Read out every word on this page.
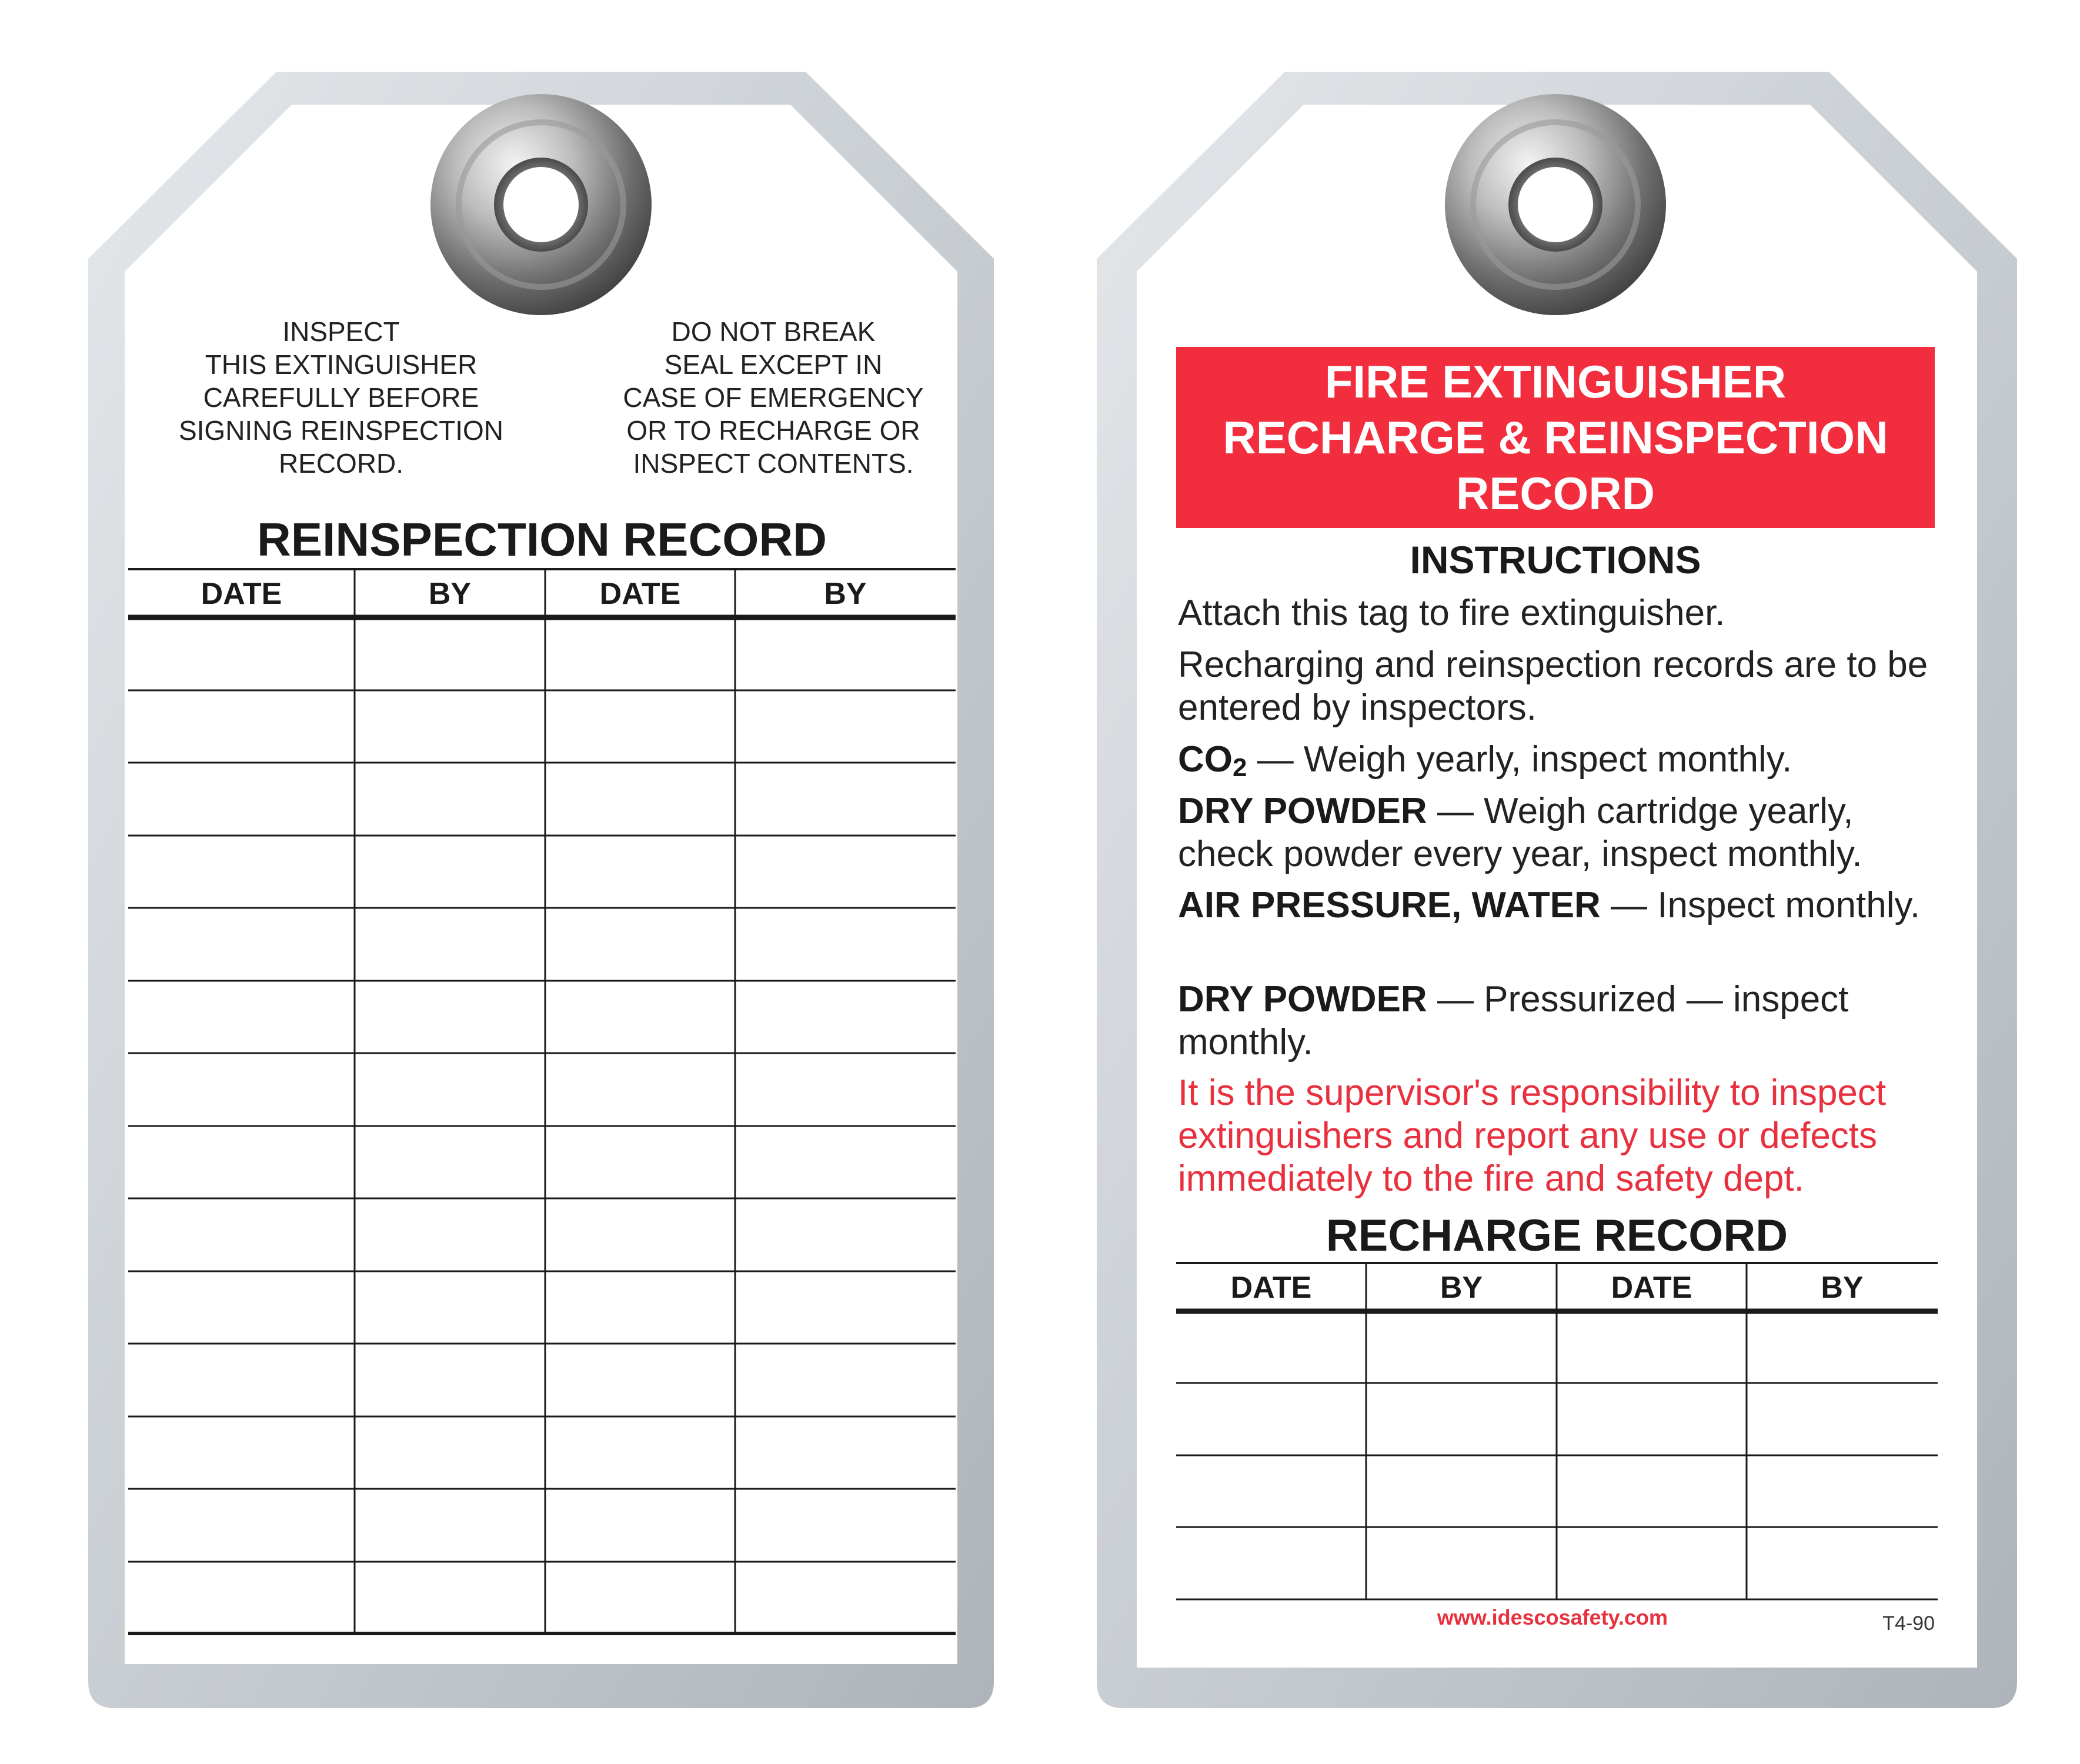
INSPECT
THIS EXTINGUISHER
CAREFULLY BEFORE
SIGNING REINSPECTION
RECORD.
DO NOT BREAK
SEAL EXCEPT IN
CASE OF EMERGENCY
OR TO RECHARGE OR
INSPECT CONTENTS.
REINSPECTION RECORD
DATE	BY	DATE	BY
FIRE EXTINGUISHER
RECHARGE & REINSPECTION
RECORD
INSTRUCTIONS
Attach this tag to fire extinguisher.
Recharging and reinspection records are to be entered by inspectors.
CO2 — Weigh yearly, inspect monthly.
DRY POWDER — Weigh cartridge yearly, check powder every year, inspect monthly.
AIR PRESSURE, WATER — Inspect monthly.
DRY POWDER — Pressurized — inspect monthly.
It is the supervisor's responsibility to inspect extinguishers and report any use or defects immediately to the fire and safety dept.
RECHARGE RECORD
DATE	BY	DATE	BY
www.idescosafety.com	T4-90
